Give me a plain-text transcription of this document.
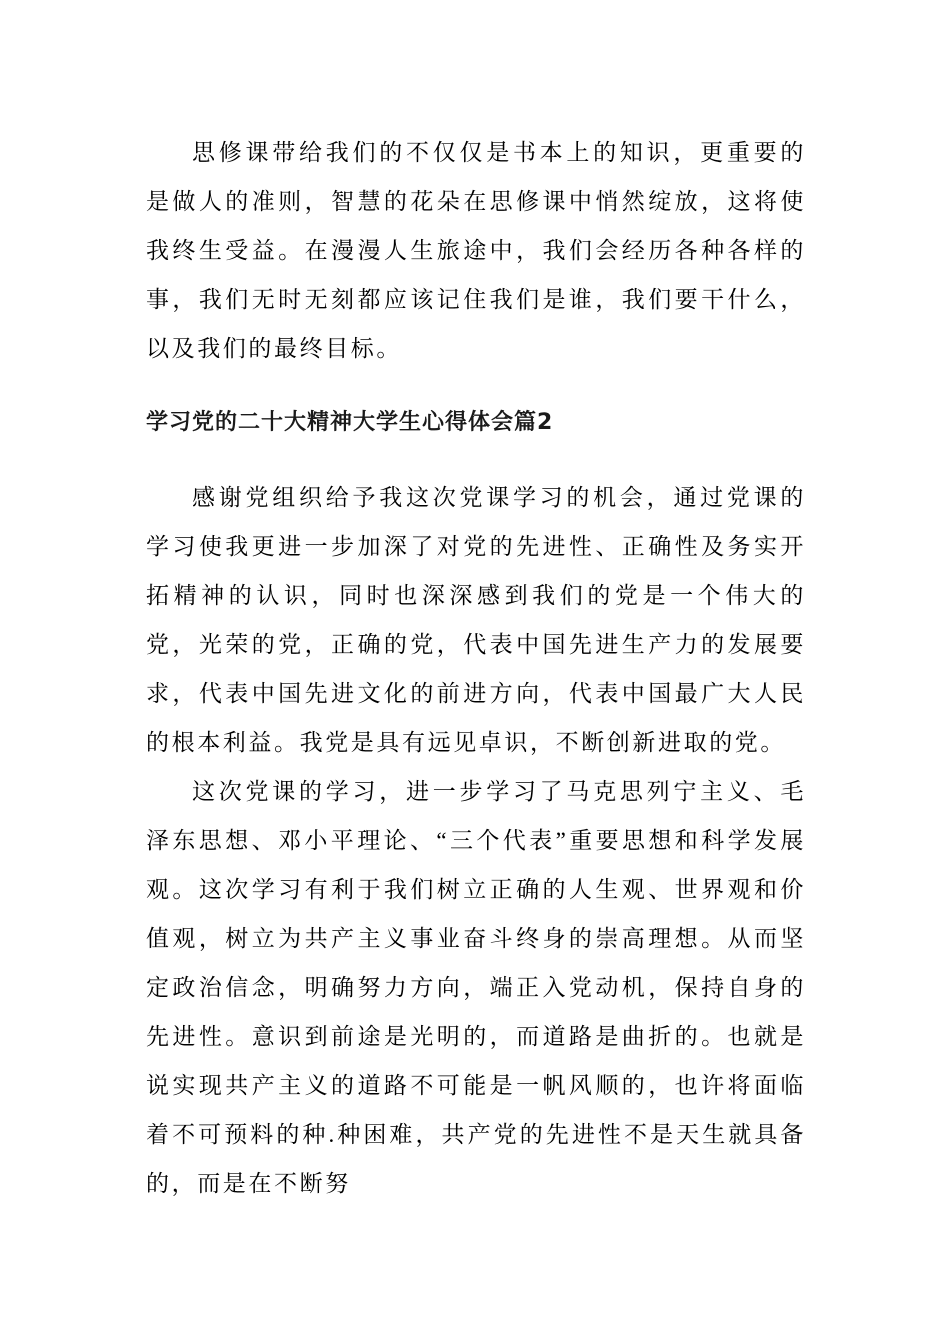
思修课带给我们的不仅仅是书本上的知识，更重要的是做人的准则，智慧的花朵在思修课中悄然绽放，这将使我终生受益。在漫漫人生旅途中，我们会经历各种各样的事，我们无时无刻都应该记住我们是谁，我们要干什么，以及我们的最终目标。

学习党的二十大精神大学生心得体会篇2

感谢党组织给予我这次党课学习的机会，通过党课的学习使我更进一步加深了对党的先进性、正确性及务实开拓精神的认识，同时也深深感到我们的党是一个伟大的党，光荣的党，正确的党，代表中国先进生产力的发展要求，代表中国先进文化的前进方向，代表中国最广大人民的根本利益。我党是具有远见卓识，不断创新进取的党。

这次党课的学习，进一步学习了马克思列宁主义、毛泽东思想、邓小平理论、“三个代表”重要思想和科学发展观。这次学习有利于我们树立正确的人生观、世界观和价值观，树立为共产主义事业奋斗终身的崇高理想。从而坚定政治信念，明确努力方向，端正入党动机，保持自身的先进性。意识到前途是光明的，而道路是曲折的。也就是说实现共产主义的道路不可能是一帆风顺的，也许将面临着不可预料的种.种困难，共产党的先进性不是天生就具备的，而是在不断努
